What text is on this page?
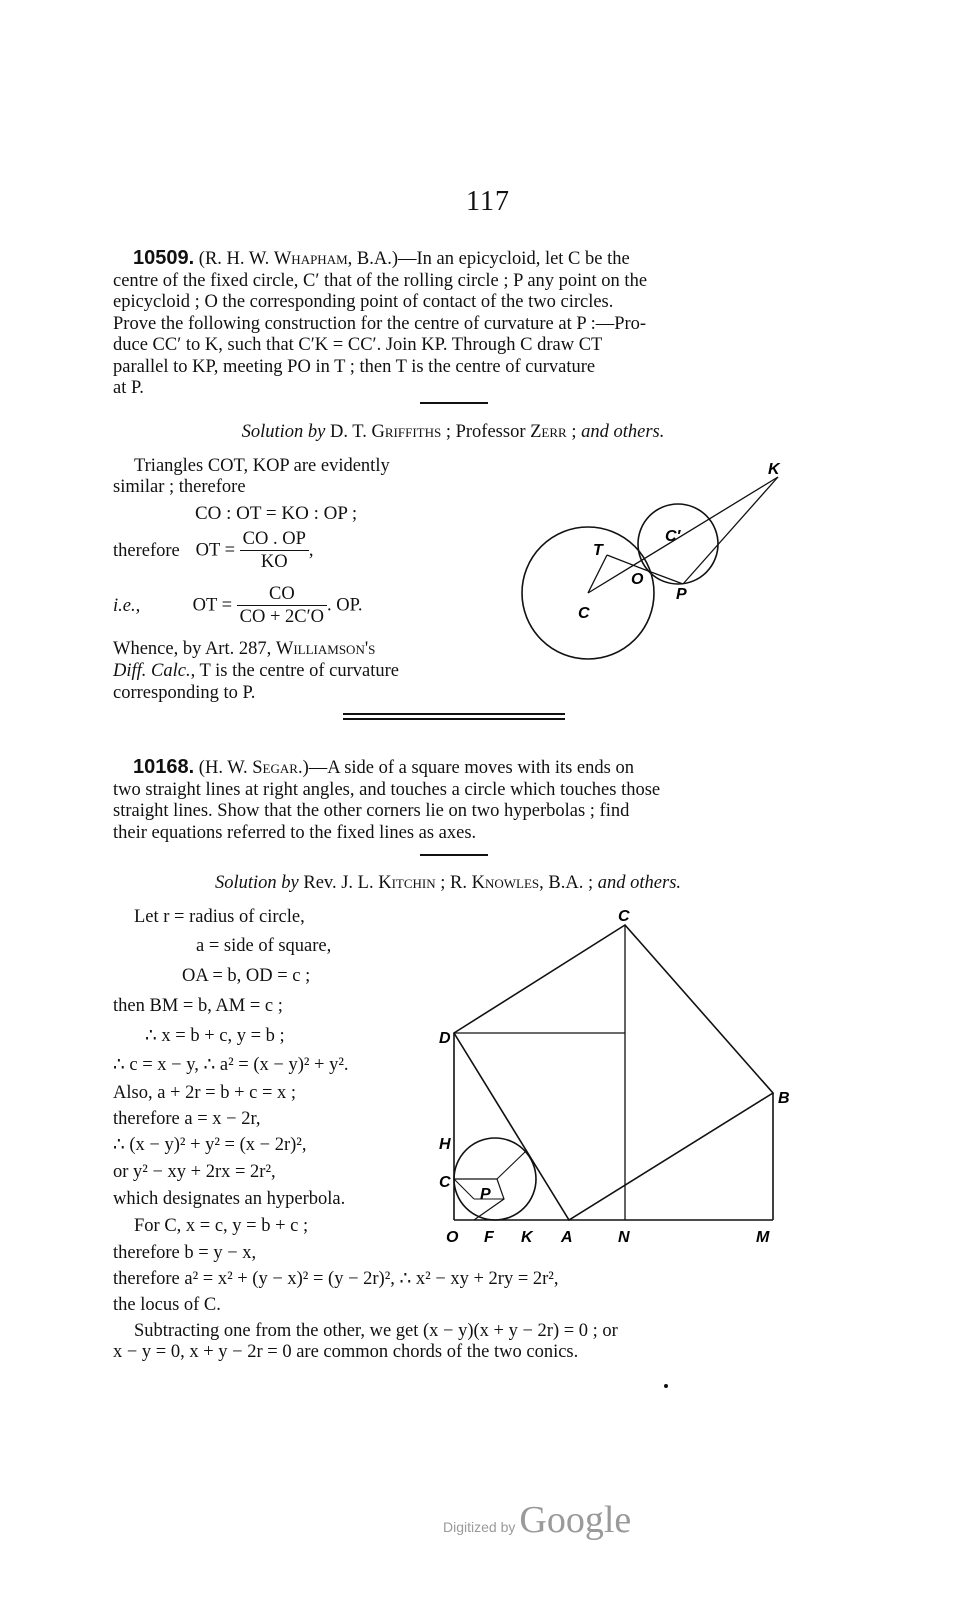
117
10509. (R. H. W. Whapham, B.A.)—In an epicycloid, let C be the
centre of the fixed circle, C′ that of the rolling circle ; P any point on the
epicycloid ; O the corresponding point of contact of the two circles.
Prove the following construction for the centre of curvature at P :—Pro-
duce CC′ to K, such that C′K = CC′. Join KP. Through C draw CT
parallel to KP, meeting PO in T ; then T is the centre of curvature
at P.
Solution by D. T. Griffiths ; Professor Zerr ; and others.
Triangles COT, KOP are evidently
similar ; therefore
CO : OT = KO : OP ;
therefore OT = $\frac{CO . OP}{KO}$ ,
i.e.,	OT = $\frac{CO}{CO + 2C'O}$ . OP.
Whence, by Art. 287, Williamson's
Diff. Calc., T is the centre of curvature
corresponding to P.
K
C′
T
O
P
C
10168. (H. W. Segar.)—A side of a square moves with its ends on
two straight lines at right angles, and touches a circle which touches those
straight lines. Show that the other corners lie on two hyperbolas ; find
their equations referred to the fixed lines as axes.
Solution by Rev. J. L. Kitchin ; R. Knowles, B.A. ; and others.
Let r = radius of circle,
a = side of square,
OA = b, OD = c ;
then BM = b, AM = c ;
∴ x = b + c, y = b ;
∴ c = x − y, ∴ a² = (x − y)² + y².
Also, a + 2r = b + c = x ;
therefore a = x − 2r,
∴ (x − y)² + y² = (x − 2r)²,
or y² − xy + 2rx = 2r²,
which designates an hyperbola.
For C, x = c, y = b + c ;
therefore b = y − x,
therefore a² = x² + (y − x)² = (y − 2r)², ∴ x² − xy + 2ry = 2r²,
the locus of C.
Subtracting one from the other, we get (x − y)(x + y − 2r) = 0 ; or
x − y = 0, x + y − 2r = 0 are common chords of the two conics.
C
D
B
H
C
P
O F K A	N	M
Digitized by Google
